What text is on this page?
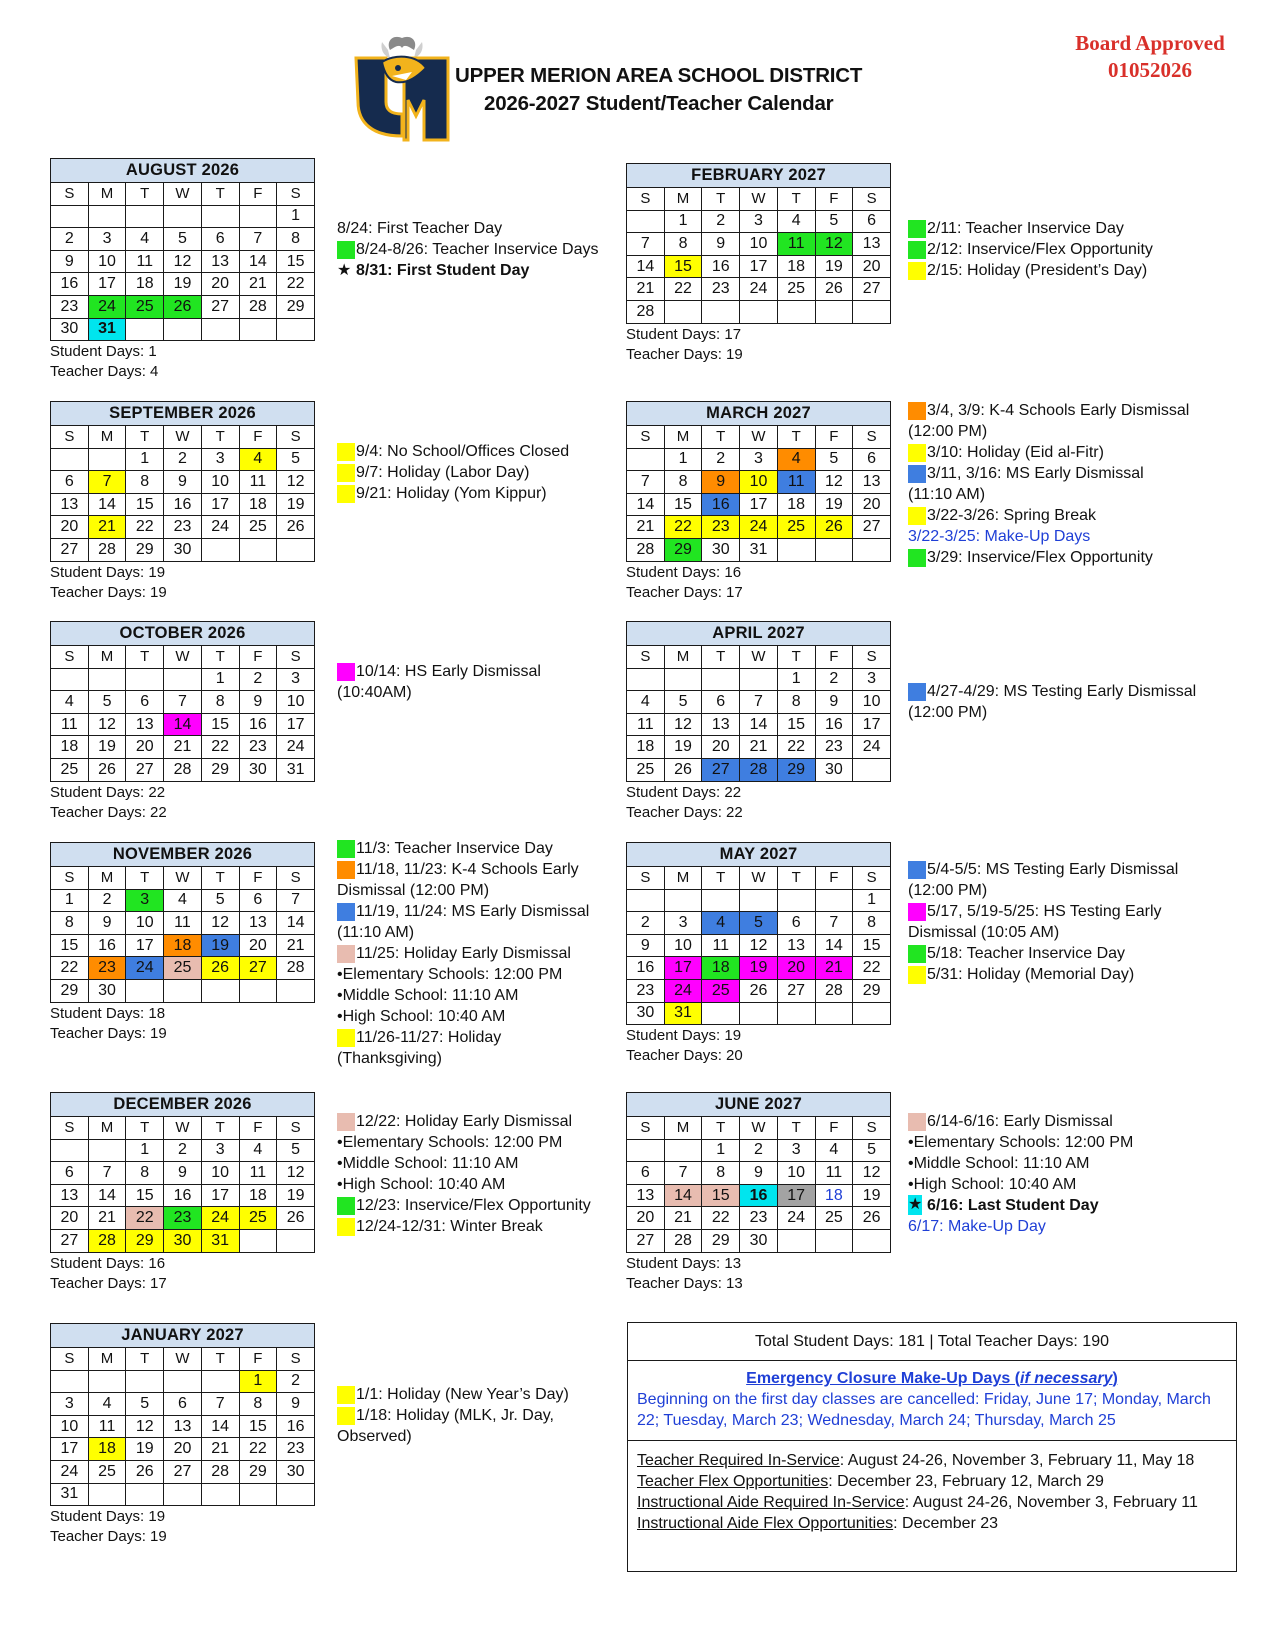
UPPER MERION AREA SCHOOL DISTRICT
2026-2027 Student/Teacher Calendar
Board Approved
01052026
AUGUST 2026						
S	M	T	W	T	F	S
						1
2	3	4	5	6	7	8
9	10	11	12	13	14	15
16	17	18	19	20	21	22
23	24	25	26	27	28	29
30	31					
Student Days: 1
Teacher Days: 4
SEPTEMBER 2026						
S	M	T	W	T	F	S
		1	2	3	4	5
6	7	8	9	10	11	12
13	14	15	16	17	18	19
20	21	22	23	24	25	26
27	28	29	30			
Student Days: 19
Teacher Days: 19
OCTOBER 2026						
S	M	T	W	T	F	S
				1	2	3
4	5	6	7	8	9	10
11	12	13	14	15	16	17
18	19	20	21	22	23	24
25	26	27	28	29	30	31
Student Days: 22
Teacher Days: 22
NOVEMBER 2026						
S	M	T	W	T	F	S
1	2	3	4	5	6	7
8	9	10	11	12	13	14
15	16	17	18	19	20	21
22	23	24	25	26	27	28
29	30					
Student Days: 18
Teacher Days: 19
DECEMBER 2026						
S	M	T	W	T	F	S
		1	2	3	4	5
6	7	8	9	10	11	12
13	14	15	16	17	18	19
20	21	22	23	24	25	26
27	28	29	30	31		
Student Days: 16
Teacher Days: 17
JANUARY 2027						
S	M	T	W	T	F	S
					1	2
3	4	5	6	7	8	9
10	11	12	13	14	15	16
17	18	19	20	21	22	23
24	25	26	27	28	29	30
31						
Student Days: 19
Teacher Days: 19
FEBRUARY 2027						
S	M	T	W	T	F	S
	1	2	3	4	5	6
7	8	9	10	11	12	13
14	15	16	17	18	19	20
21	22	23	24	25	26	27
28						
Student Days: 17
Teacher Days: 19
MARCH 2027						
S	M	T	W	T	F	S
	1	2	3	4	5	6
7	8	9	10	11	12	13
14	15	16	17	18	19	20
21	22	23	24	25	26	27
28	29	30	31			
Student Days: 16
Teacher Days: 17
APRIL 2027						
S	M	T	W	T	F	S
				1	2	3
4	5	6	7	8	9	10
11	12	13	14	15	16	17
18	19	20	21	22	23	24
25	26	27	28	29	30	
Student Days: 22
Teacher Days: 22
MAY 2027						
S	M	T	W	T	F	S
						1
2	3	4	5	6	7	8
9	10	11	12	13	14	15
16	17	18	19	20	21	22
23	24	25	26	27	28	29
30	31					
Student Days: 19
Teacher Days: 20
JUNE 2027						
S	M	T	W	T	F	S
		1	2	3	4	5
6	7	8	9	10	11	12
13	14	15	16	17	18	19
20	21	22	23	24	25	26
27	28	29	30			
Student Days: 13
Teacher Days: 13
8/24: First Teacher Day
8/24-8/26: Teacher Inservice Days
★ 8/31: First Student Day
9/4: No School/Offices Closed
9/7: Holiday (Labor Day)
9/21: Holiday (Yom Kippur)
10/14: HS Early Dismissal
(10:40AM)
11/3: Teacher Inservice Day
11/18, 11/23: K-4 Schools Early
Dismissal (12:00 PM)
11/19, 11/24: MS Early Dismissal
(11:10 AM)
11/25: Holiday Early Dismissal
•Elementary Schools: 12:00 PM
•Middle School: 11:10 AM
•High School: 10:40 AM
11/26-11/27: Holiday
(Thanksgiving)
12/22: Holiday Early Dismissal
•Elementary Schools: 12:00 PM
•Middle School: 11:10 AM
•High School: 10:40 AM
12/23: Inservice/Flex Opportunity
12/24-12/31: Winter Break
1/1: Holiday (New Year’s Day)
1/18: Holiday (MLK, Jr. Day,
Observed)
2/11: Teacher Inservice Day
2/12: Inservice/Flex Opportunity
2/15: Holiday (President’s Day)
3/4, 3/9: K-4 Schools Early Dismissal
(12:00 PM)
3/10: Holiday (Eid al-Fitr)
3/11, 3/16: MS Early Dismissal
(11:10 AM)
3/22-3/26: Spring Break
3/22-3/25: Make-Up Days
3/29: Inservice/Flex Opportunity
4/27-4/29: MS Testing Early Dismissal
(12:00 PM)
5/4-5/5: MS Testing Early Dismissal
(12:00 PM)
5/17, 5/19-5/25: HS Testing Early
Dismissal (10:05 AM)
5/18: Teacher Inservice Day
5/31: Holiday (Memorial Day)
6/14-6/16: Early Dismissal
•Elementary Schools: 12:00 PM
•Middle School: 11:10 AM
•High School: 10:40 AM
★ 6/16: Last Student Day
6/17: Make-Up Day
Total Student Days: 181 | Total Teacher Days: 190
Emergency Closure Make-Up Days (if necessary)
Beginning on the first day classes are cancelled: Friday, June 17; Monday, March 22; Tuesday, March 23; Wednesday, March 24; Thursday, March 25
Teacher Required In-Service: August 24-26, November 3, February 11, May 18
Teacher Flex Opportunities: December 23, February 12, March 29
Instructional Aide Required In-Service: August 24-26, November 3, February 11
Instructional Aide Flex Opportunities: December 23
